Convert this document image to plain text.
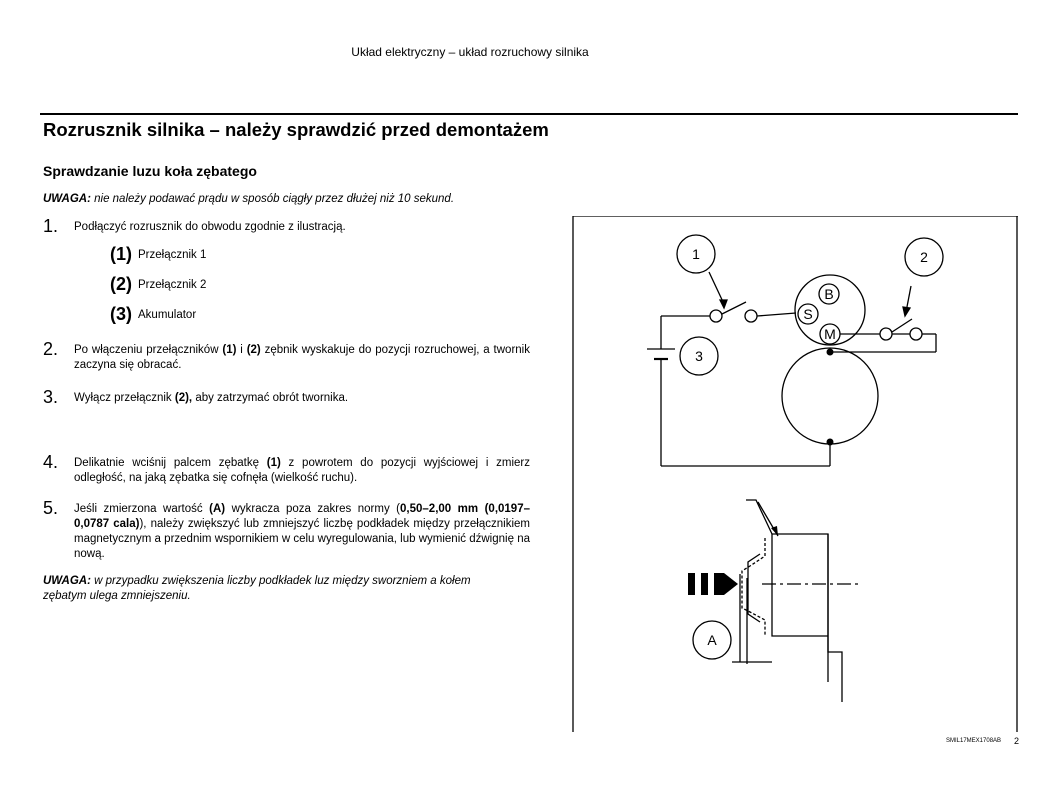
Układ elektryczny – układ rozruchowy silnika
Rozrusznik silnika – należy sprawdzić przed demontażem
Sprawdzanie luzu koła zębatego
UWAGA: nie należy podawać prądu w sposób ciągły przez dłużej niż 10 sekund.
1. Podłączyć rozrusznik do obwodu zgodnie z ilustracją.
(1) Przełącznik 1
(2) Przełącznik 2
(3) Akumulator
2. Po włączeniu przełączników (1) i (2) zębnik wyskakuje do pozycji rozruchowej, a twornik zaczyna się obracać.
3. Wyłącz przełącznik (2), aby zatrzymać obrót twornika.
4. Delikatnie wciśnij palcem zębatkę (1) z powrotem do pozycji wyjściowej i zmierz odległość, na jaką zębatka się cofnęła (wielkość ruchu).
5. Jeśli zmierzona wartość (A) wykracza poza zakres normy (0,50–2,00 mm (0,0197–0,0787 cala)), należy zwiększyć lub zmniejszyć liczbę podkładek między przełącznikiem magnetycznym a przednim wspornikiem w celu wyregulowania, lub wymienić dźwignię na nową.
UWAGA: w przypadku zwiększenia liczby podkładek luz między sworzniem a kołem zębatym ulega zmniejszeniu.
B
S
M
1	2
3
A
SMIL17MEX1708AB 2
